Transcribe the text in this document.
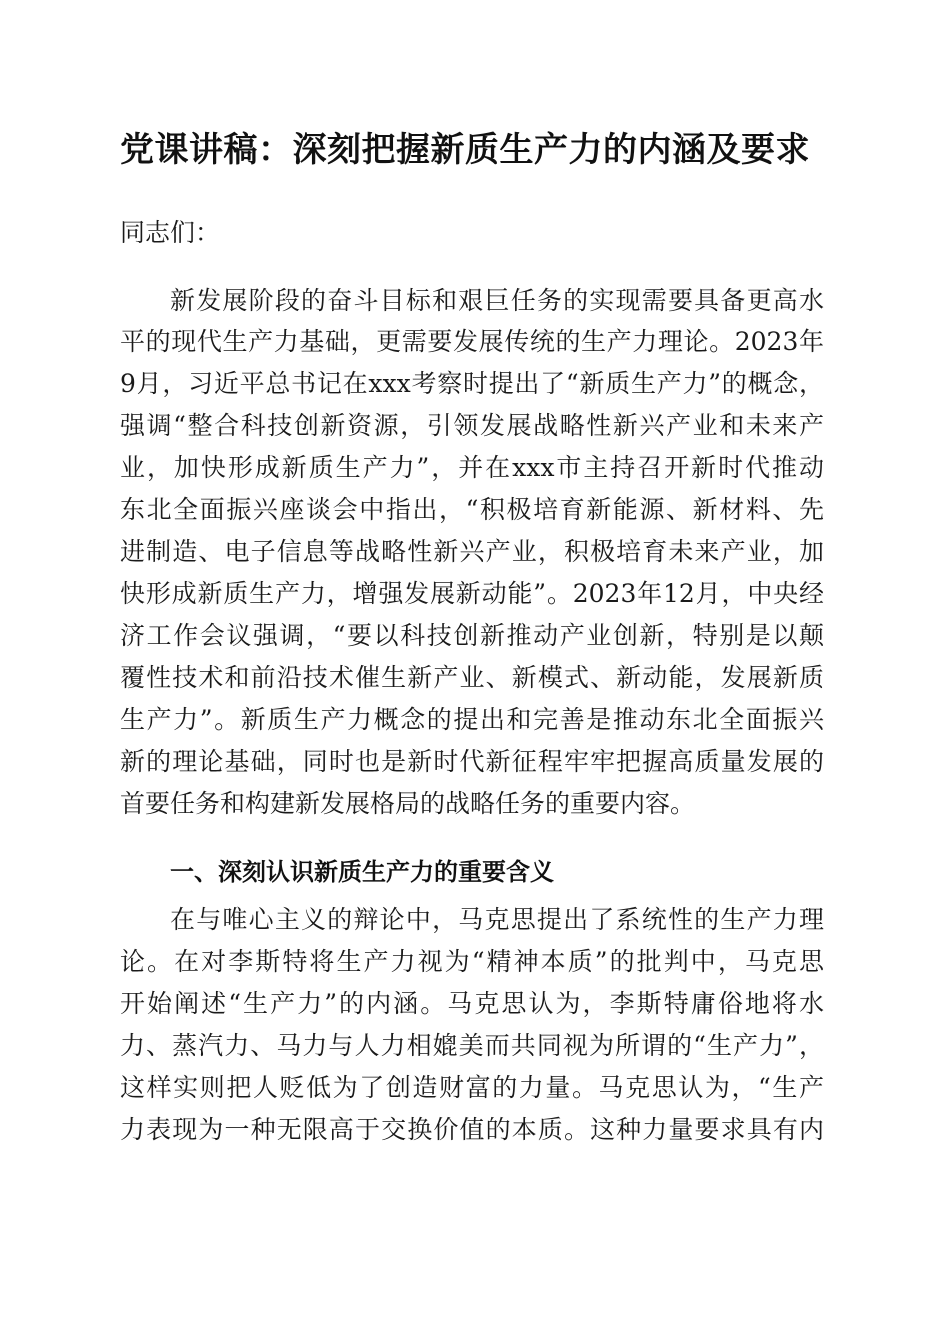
党课讲稿：深刻把握新质生产力的内涵及要求
同志们：
新发展阶段的奋斗目标和艰巨任务的实现需要具备更高水
平的现代生产力基础，更需要发展传统的生产力理论。2023年
9月，习近平总书记在xxx考察时提出了“新质生产力”的概念，
强调“整合科技创新资源，引领发展战略性新兴产业和未来产
业，加快形成新质生产力”，并在xxx市主持召开新时代推动
东北全面振兴座谈会中指出，“积极培育新能源、新材料、先
进制造、电子信息等战略性新兴产业，积极培育未来产业，加
快形成新质生产力，增强发展新动能”。2023年12月，中央经
济工作会议强调，“要以科技创新推动产业创新，特别是以颠
覆性技术和前沿技术催生新产业、新模式、新动能，发展新质
生产力”。新质生产力概念的提出和完善是推动东北全面振兴
新的理论基础，同时也是新时代新征程牢牢把握高质量发展的
首要任务和构建新发展格局的战略任务的重要内容。
一、深刻认识新质生产力的重要含义
在与唯心主义的辩论中，马克思提出了系统性的生产力理
论。在对李斯特将生产力视为“精神本质”的批判中，马克思
开始阐述“生产力”的内涵。马克思认为，李斯特庸俗地将水
力、蒸汽力、马力与人力相媲美而共同视为所谓的“生产力”，
这样实则把人贬低为了创造财富的力量。马克思认为，“生产
力表现为一种无限高于交换价值的本质。这种力量要求具有内
